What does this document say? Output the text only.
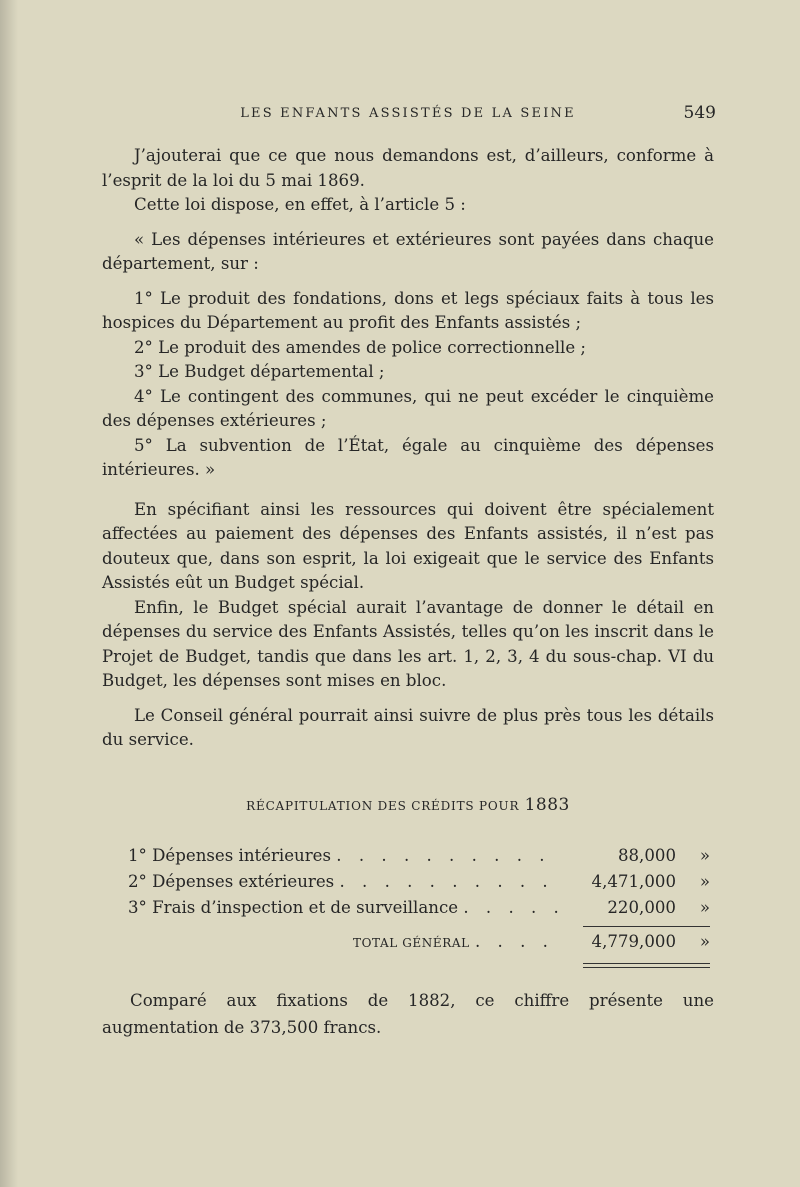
LES ENFANTS ASSISTÉS DE LA SEINE	549

J’ajouterai que ce que nous demandons est, d’ailleurs, conforme à l’esprit de la loi du 5 mai 1869.

Cette loi dispose, en effet, à l’article 5 :

« Les dépenses intérieures et extérieures sont payées dans chaque département, sur :

1° Le produit des fondations, dons et legs spéciaux faits à tous les hospices du Département au profit des Enfants assistés ;

2° Le produit des amendes de police correctionnelle ;

3° Le Budget départemental ;

4° Le contingent des communes, qui ne peut excéder le cinquième des dépenses extérieures ;

5° La subvention de l’État, égale au cinquième des dépenses intérieures. »

En spécifiant ainsi les ressources qui doivent être spécialement affectées au paiement des dépenses des Enfants assistés, il n’est pas douteux que, dans son esprit, la loi exigeait que le service des Enfants Assistés eût un Budget spécial.

Enfin, le Budget spécial aurait l’avantage de donner le détail en dépenses du service des Enfants Assistés, telles qu’on les inscrit dans le Projet de Budget, tandis que dans les art. 1, 2, 3, 4 du sous-chap. VI du Budget, les dépenses sont mises en bloc.

Le Conseil général pourrait ainsi suivre de plus près tous les détails du service.

RÉCAPITULATION DES CRÉDITS POUR 1883
1° Dépenses intérieures . . . . . . . . . .	88,000 »
2° Dépenses extérieures . . . . . . . . . . 4,471,000 »
3° Frais d’inspection et de surveillance . . . . .	220,000 »
TOTAL GÉNÉRAL . . . . 4,779,000 »

Comparé aux fixations de 1882, ce chiffre présente une augmentation de 373,500 francs.
